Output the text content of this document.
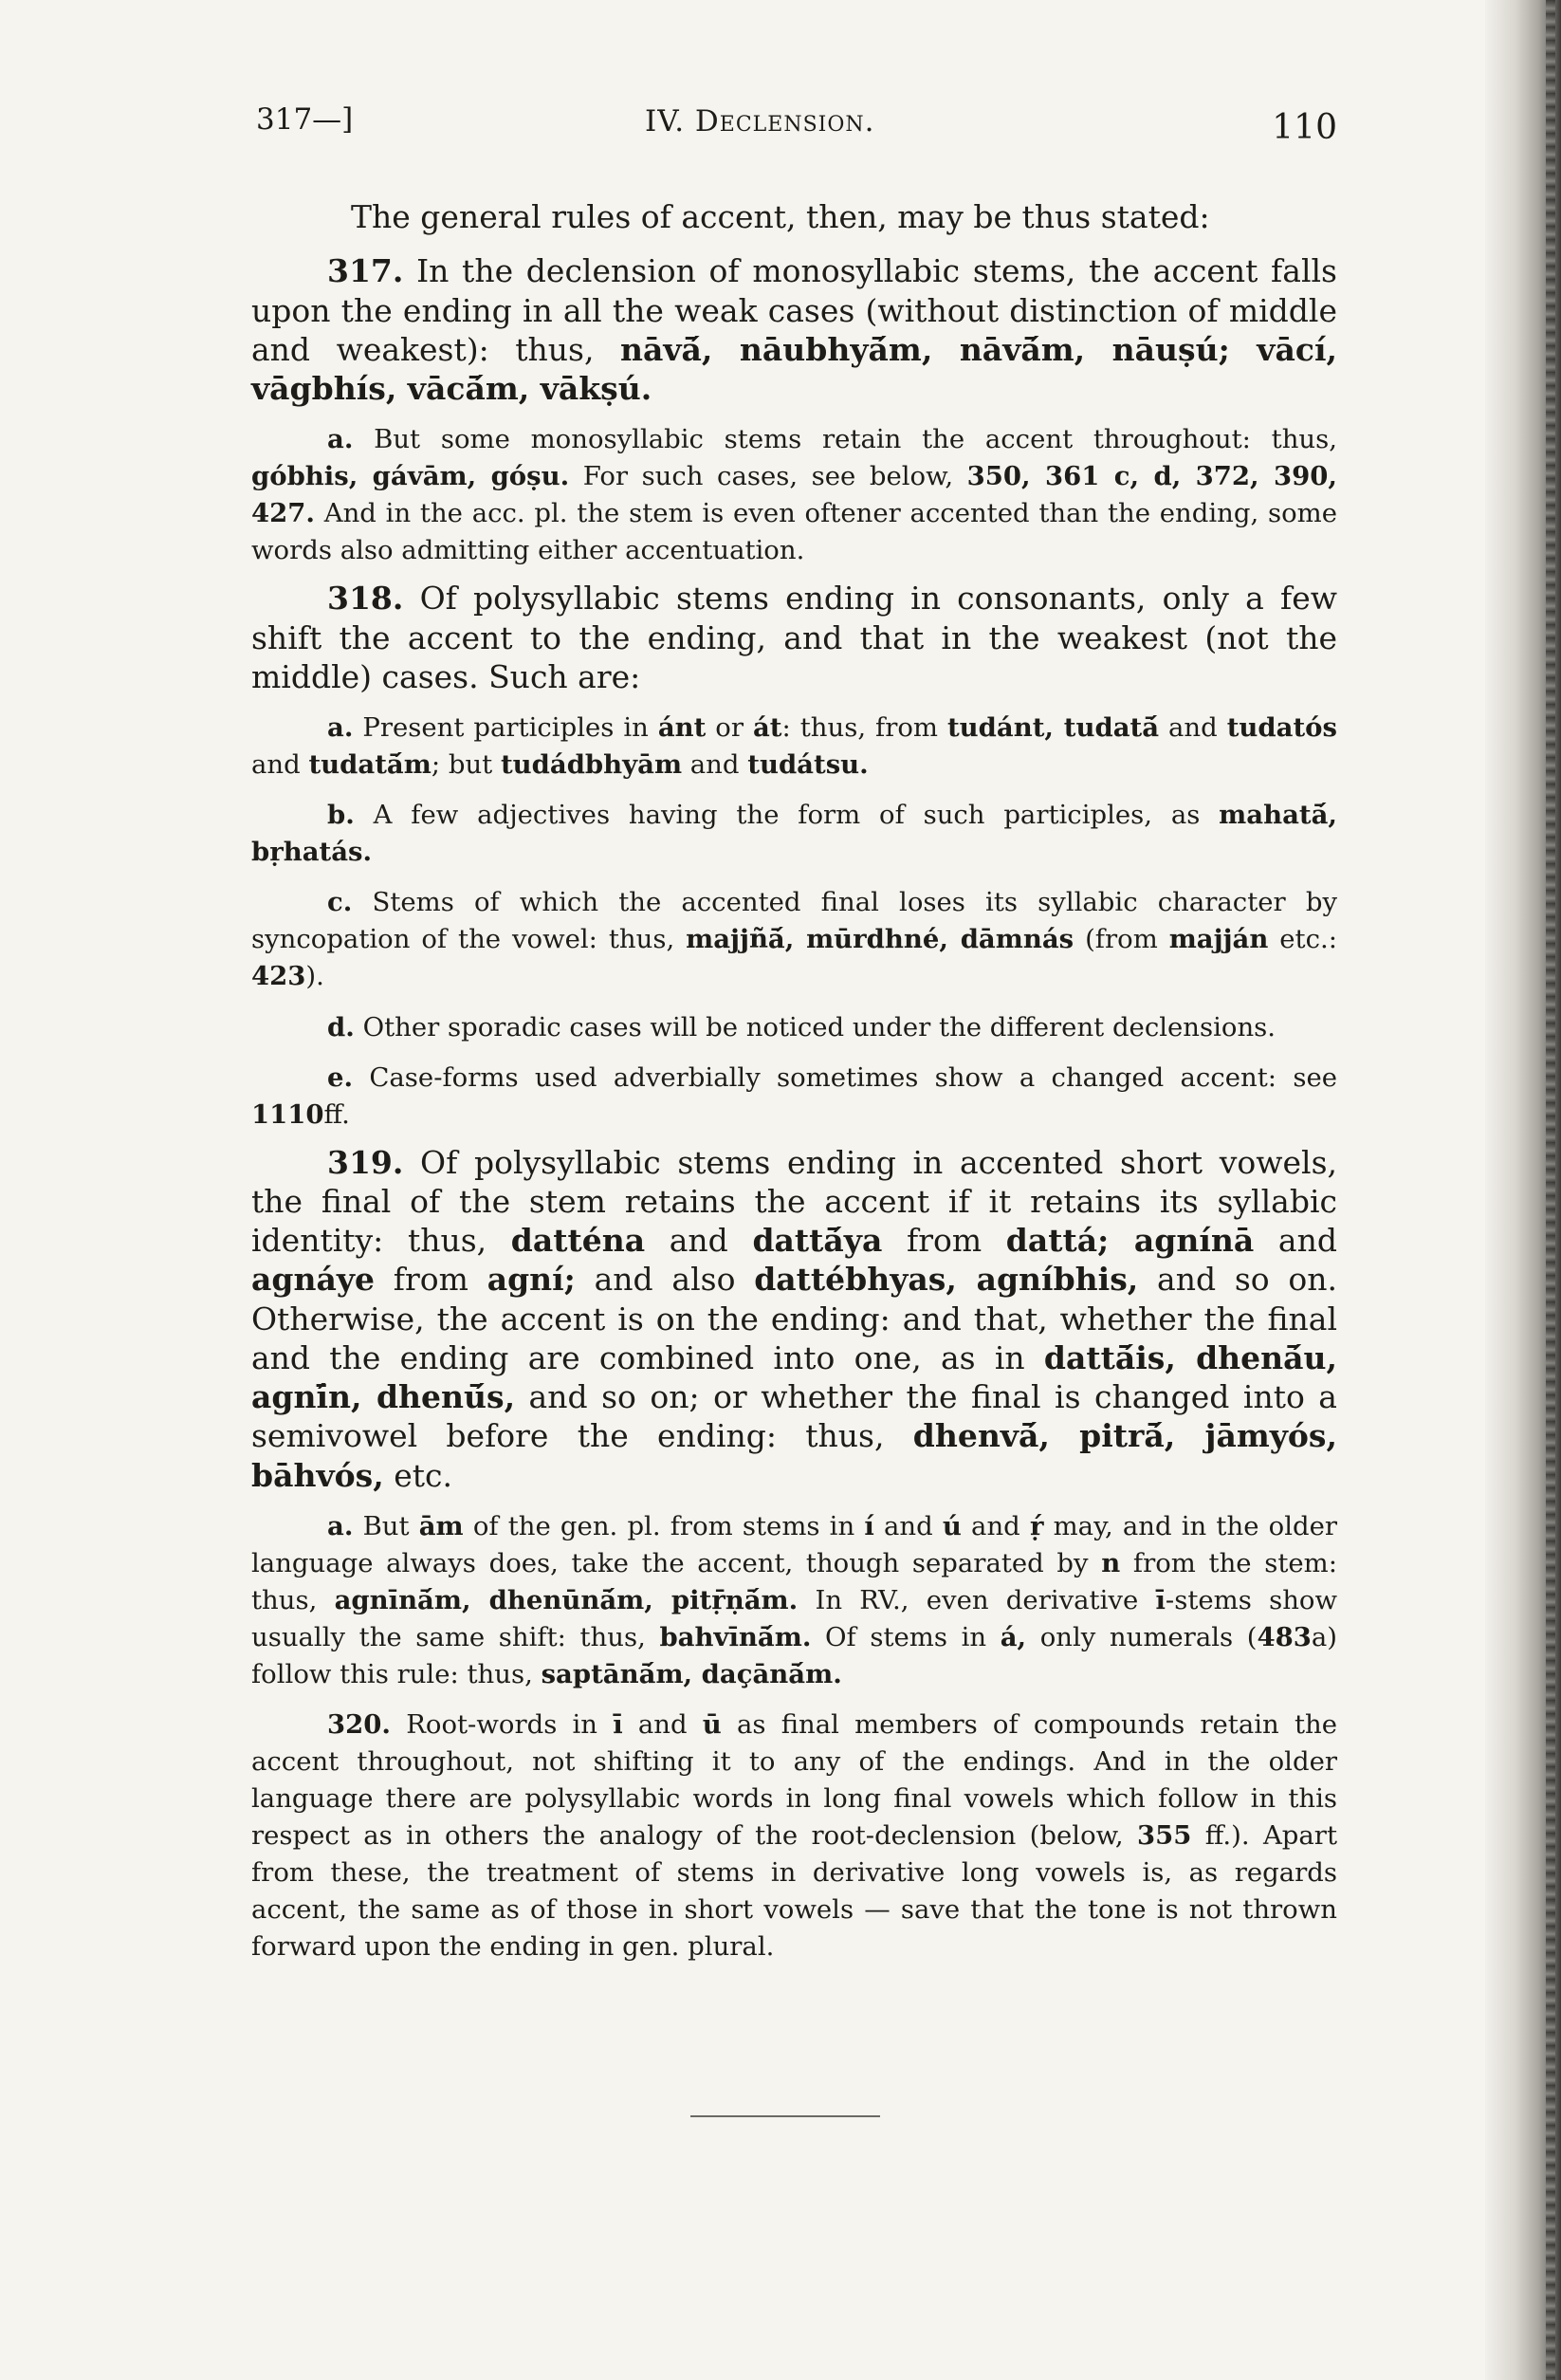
317—]	IV. Declension.	110

The general rules of accent, then, may be thus stated:

317. In the declension of monosyllabic stems, the accent falls upon the ending in all the weak cases (without distinction of middle and weakest): thus, nāvā́, nāubhyā́m, nāvā́m, nāuṣú; vācí, vāgbhís, vācā́m, vākṣú.

a. But some monosyllabic stems retain the accent throughout: thus, góbhis, gávām, góṣu. For such cases, see below, 350, 361 c, d, 372, 390, 427. And in the acc. pl. the stem is even oftener accented than the ending, some words also admitting either accentuation.

318. Of polysyllabic stems ending in consonants, only a few shift the accent to the ending, and that in the weakest (not the middle) cases. Such are:

a. Present participles in ánt or át: thus, from tudánt, tudatā́ and tudatós and tudatā́m; but tudádbhyām and tudátsu.

b. A few adjectives having the form of such participles, as mahatā́, bṛhatás.

c. Stems of which the accented final loses its syllabic character by syncopation of the vowel: thus, majjñā́, mūrdhné, dāmnás (from majján etc.: 423).

d. Other sporadic cases will be noticed under the different declensions.

e. Case-forms used adverbially sometimes show a changed accent: see 1110ff.

319. Of polysyllabic stems ending in accented short vowels, the final of the stem retains the accent if it retains its syllabic identity: thus, datténa and dattā́ya from dattá; agnínā and agnáye from agní; and also dattébhyas, agníbhis, and so on. Otherwise, the accent is on the ending: and that, whether the final and the ending are combined into one, as in dattā́is, dhenā́u, agnī́n, dhenū́s, and so on; or whether the final is changed into a semivowel before the ending: thus, dhenvā́, pitrā́, jāmyós, bāhvós, etc.

a. But ām of the gen. pl. from stems in í and ú and ṛ́ may, and in the older language always does, take the accent, though separated by n from the stem: thus, agnīnā́m, dhenūnā́m, pitṝṇā́m. In RV., even derivative ī-stems show usually the same shift: thus, bahvīnā́m. Of stems in á, only numerals (483a) follow this rule: thus, saptānā́m, daçānā́m.

320. Root-words in ī and ū as final members of compounds retain the accent throughout, not shifting it to any of the endings. And in the older language there are polysyllabic words in long final vowels which follow in this respect as in others the analogy of the root-declension (below, 355 ff.). Apart from these, the treatment of stems in derivative long vowels is, as regards accent, the same as of those in short vowels — save that the tone is not thrown forward upon the ending in gen. plural.
